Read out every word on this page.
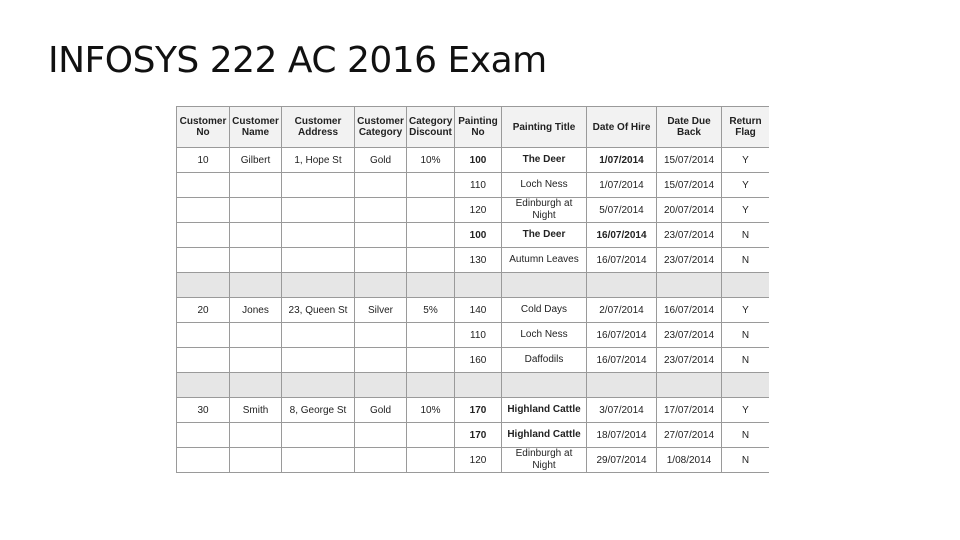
INFOSYS 222 AC 2016 Exam
Customer No	Customer Name	Customer Address	Customer Category	Category Discount	Painting No	Painting Title	Date Of Hire	Date Due Back	Return Flag
10	Gilbert	1, Hope St	Gold	10%	100	The Deer	1/07/2014	15/07/2014	Y
					110	Loch Ness	1/07/2014	15/07/2014	Y
					120	Edinburgh at Night	5/07/2014	20/07/2014	Y
					100	The Deer	16/07/2014	23/07/2014	N
					130	Autumn Leaves	16/07/2014	23/07/2014	N

20	Jones	23, Queen St	Silver	5%	140	Cold Days	2/07/2014	16/07/2014	Y
					110	Loch Ness	16/07/2014	23/07/2014	N
					160	Daffodils	16/07/2014	23/07/2014	N

30	Smith	8, George St	Gold	10%	170	Highland Cattle	3/07/2014	17/07/2014	Y
					170	Highland Cattle	18/07/2014	27/07/2014	N
					120	Edinburgh at Night	29/07/2014	1/08/2014	N
